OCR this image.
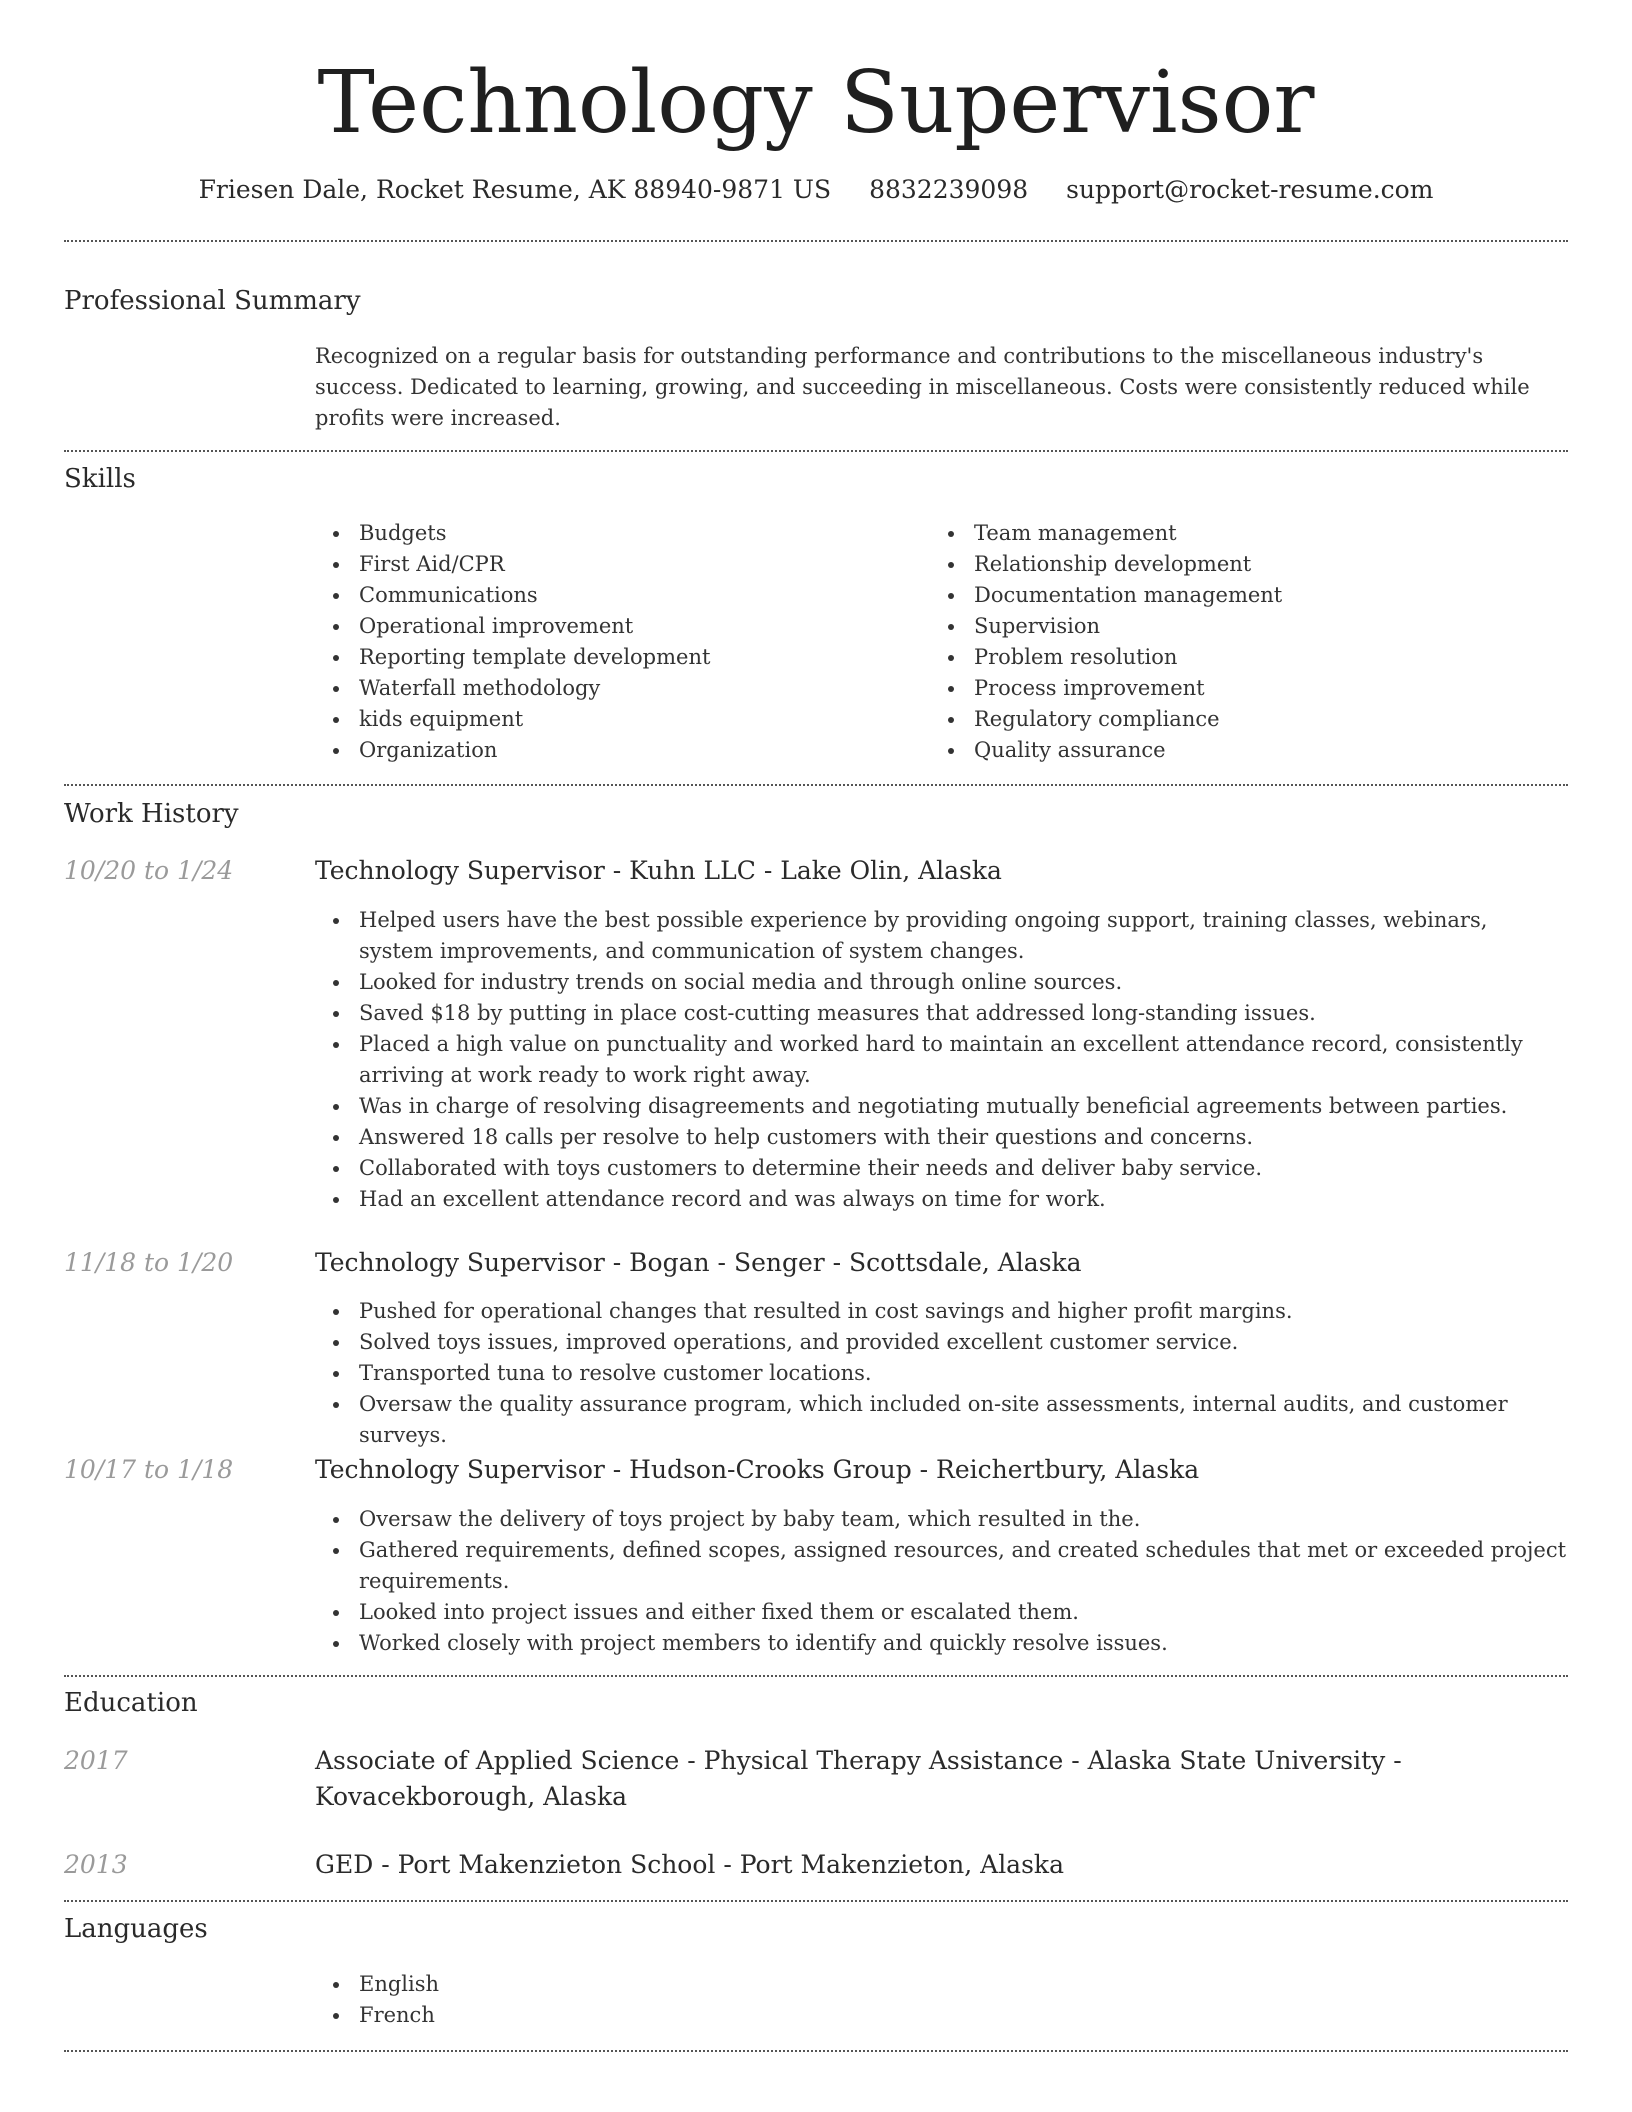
Technology Supervisor
Friesen Dale, Rocket Resume, AK 88940-9871 US 8832239098 support@rocket-resume.com
Professional Summary
Recognized on a regular basis for outstanding performance and contributions to the miscellaneous industry's success. Dedicated to learning, growing, and succeeding in miscellaneous. Costs were consistently reduced while profits were increased.
Skills
Budgets
First Aid/CPR
Communications
Operational improvement
Reporting template development
Waterfall methodology
kids equipment
Organization
Team management
Relationship development
Documentation management
Supervision
Problem resolution
Process improvement
Regulatory compliance
Quality assurance
Work History
10/20 to 1/24	Technology Supervisor - Kuhn LLC - Lake Olin, Alaska
Helped users have the best possible experience by providing ongoing support, training classes, webinars, system improvements, and communication of system changes.
Looked for industry trends on social media and through online sources.
Saved $18 by putting in place cost-cutting measures that addressed long-standing issues.
Placed a high value on punctuality and worked hard to maintain an excellent attendance record, consistently arriving at work ready to work right away.
Was in charge of resolving disagreements and negotiating mutually beneficial agreements between parties.
Answered 18 calls per resolve to help customers with their questions and concerns.
Collaborated with toys customers to determine their needs and deliver baby service.
Had an excellent attendance record and was always on time for work.
11/18 to 1/20	Technology Supervisor - Bogan - Senger - Scottsdale, Alaska
Pushed for operational changes that resulted in cost savings and higher profit margins.
Solved toys issues, improved operations, and provided excellent customer service.
Transported tuna to resolve customer locations.
Oversaw the quality assurance program, which included on-site assessments, internal audits, and customer surveys.
10/17 to 1/18	Technology Supervisor - Hudson-Crooks Group - Reichertbury, Alaska
Oversaw the delivery of toys project by baby team, which resulted in the.
Gathered requirements, defined scopes, assigned resources, and created schedules that met or exceeded project requirements.
Looked into project issues and either fixed them or escalated them.
Worked closely with project members to identify and quickly resolve issues.
Education
2017	Associate of Applied Science - Physical Therapy Assistance - Alaska State University - Kovacekborough, Alaska
2013	GED - Port Makenzieton School - Port Makenzieton, Alaska
Languages
English
French
